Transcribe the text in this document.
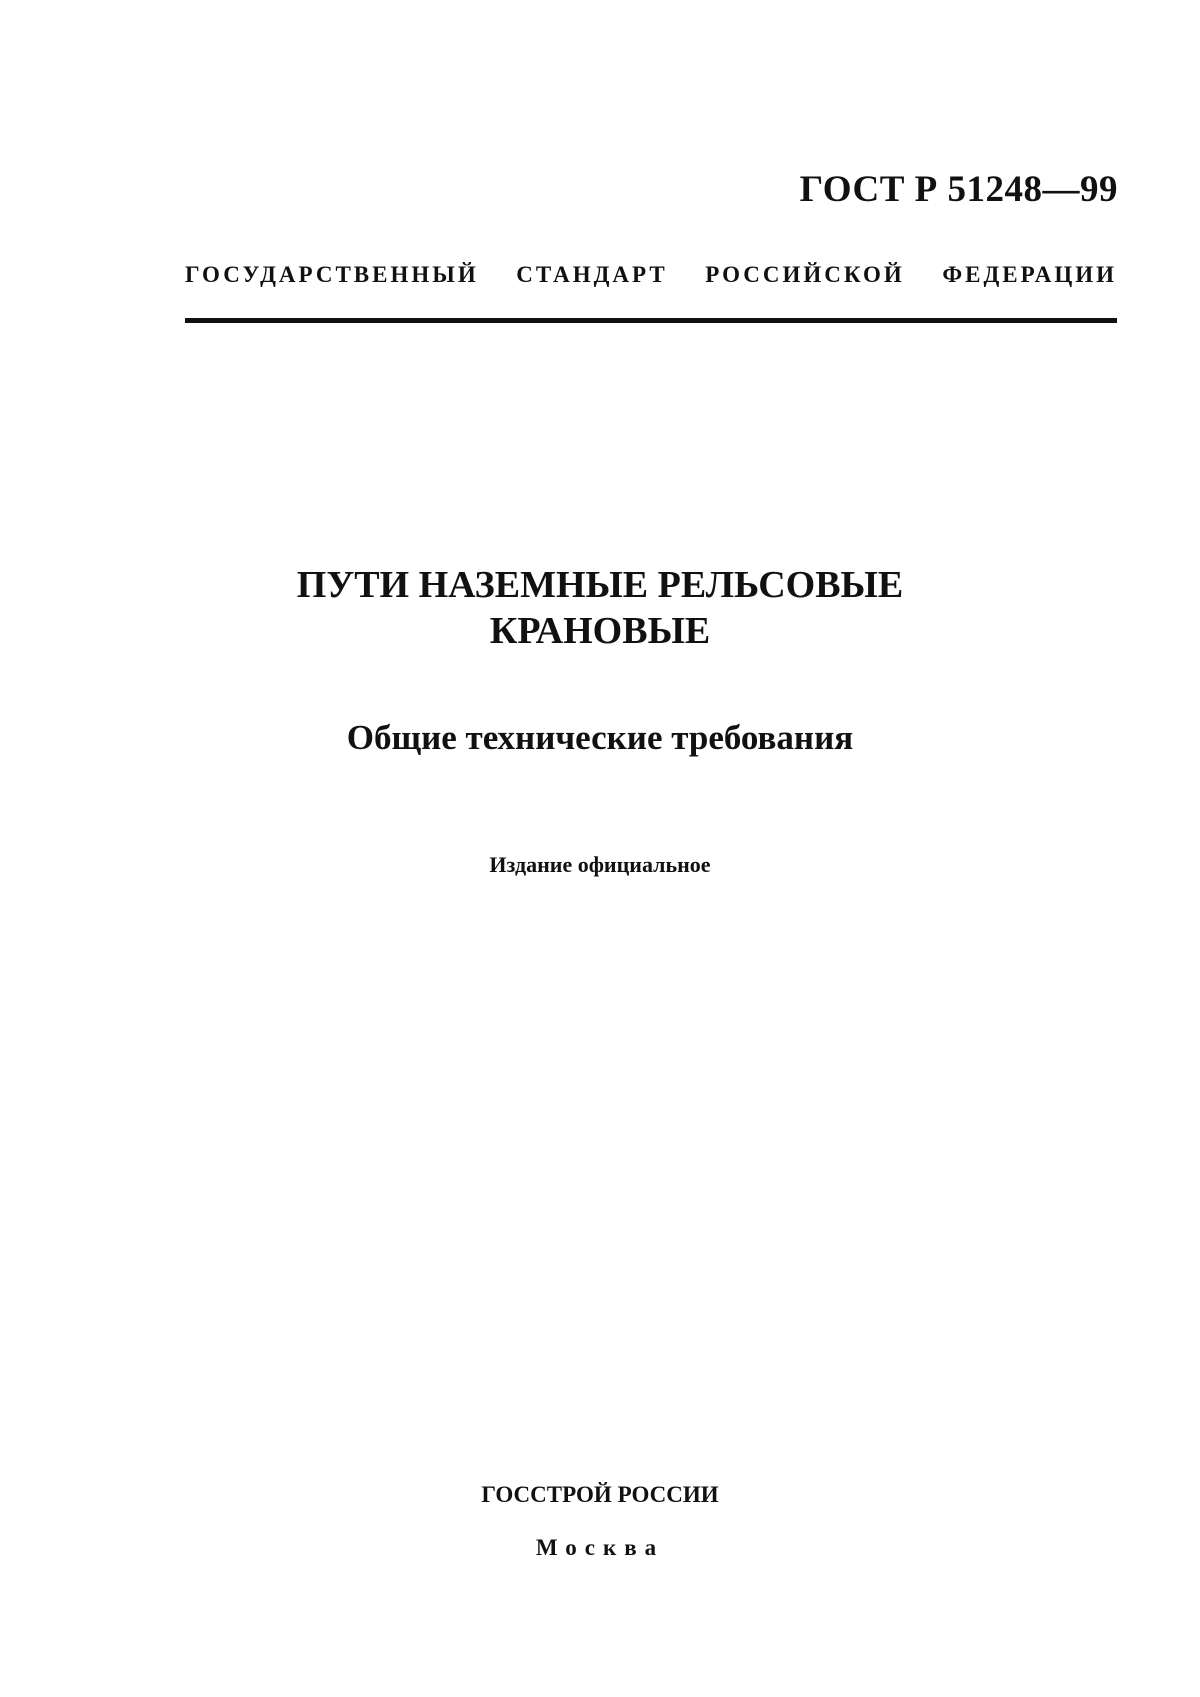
ГОСТ Р 51248—99
ГОСУДАРСТВЕННЫЙ СТАНДАРТ РОССИЙСКОЙ ФЕДЕРАЦИИ
ПУТИ НАЗЕМНЫЕ РЕЛЬСОВЫЕ
КРАНОВЫЕ
Общие технические требования
Издание официальное
ГОССТРОЙ РОССИИ
Москва
